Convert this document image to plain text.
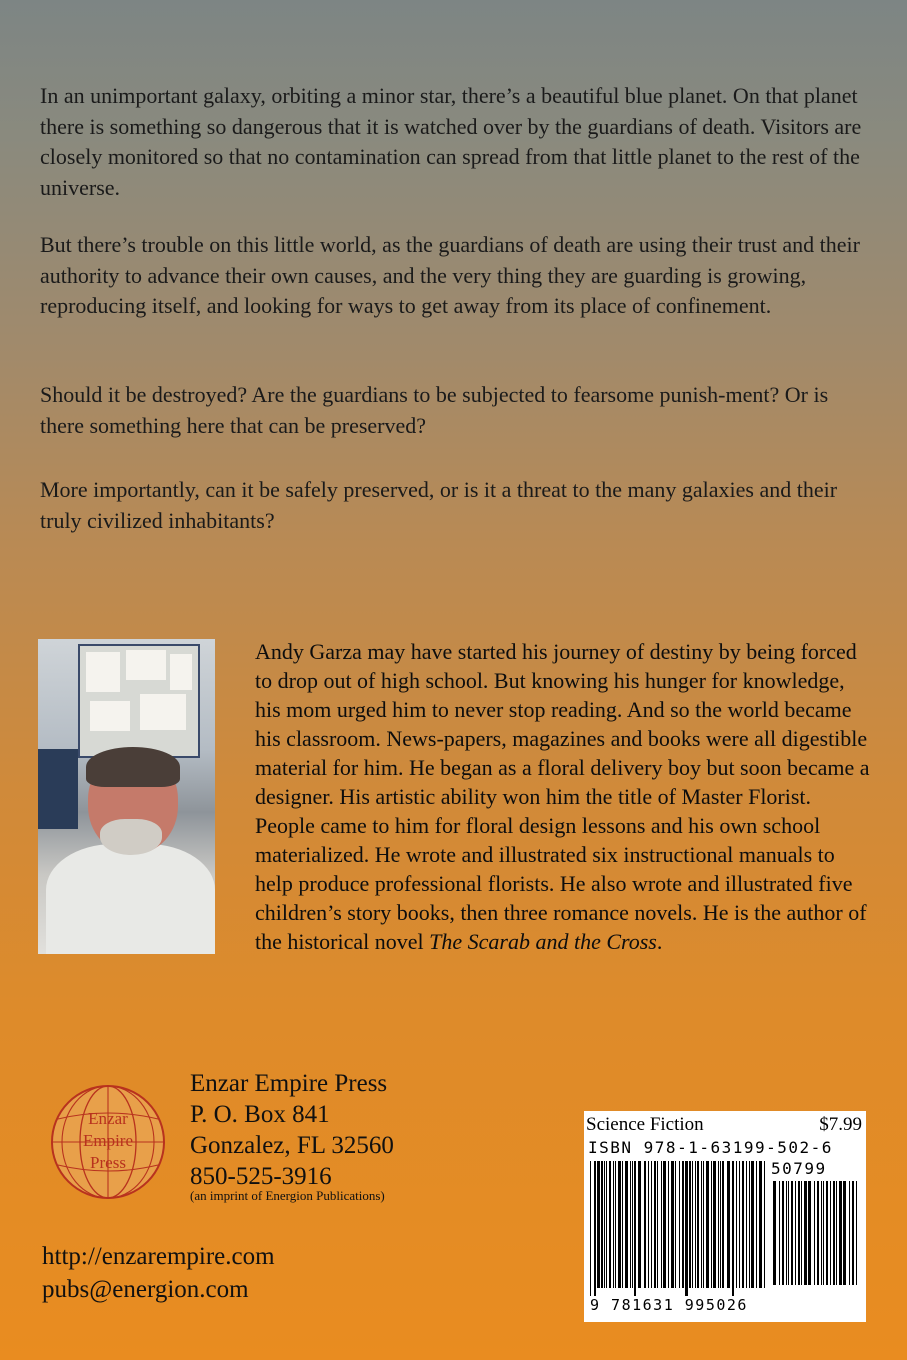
In an unimportant galaxy, orbiting a minor star, there’s a beautiful blue planet. On that planet there is something so dangerous that it is watched over by the guardians of death. Visitors are closely monitored so that no contamination can spread from that little planet to the rest of the universe.

But there’s trouble on this little world, as the guardians of death are using their trust and their authority to advance their own causes, and the very thing they are guarding is growing, reproducing itself, and looking for ways to get away from its place of confinement.

Should it be destroyed? Are the guardians to be subjected to fearsome punish-ment? Or is there something here that can be preserved?

More importantly, can it be safely preserved, or is it a threat to the many galaxies and their truly civilized inhabitants?

Andy Garza may have started his journey of destiny by being forced to drop out of high school. But knowing his hunger for knowledge, his mom urged him to never stop reading. And so the world became his classroom. News-papers, magazines and books were all digestible material for him. He began as a floral delivery boy but soon became a designer. His artistic ability won him the title of Master Florist. People came to him for floral design lessons and his own school materialized. He wrote and illustrated six instructional manuals to help produce professional florists. He also wrote and illustrated five children’s story books, then three romance novels. He is the author of the historical novel The Scarab and the Cross.

Enzar
Empire
Press
Enzar Empire Press
P. O. Box 841
Gonzalez, FL 32560
850-525-3916
(an imprint of Energion Publications)
http://enzarempire.com
pubs@energion.com
Science Fiction	$7.99
ISBN 978-1-63199-502-6
9 781631 995026
50799
